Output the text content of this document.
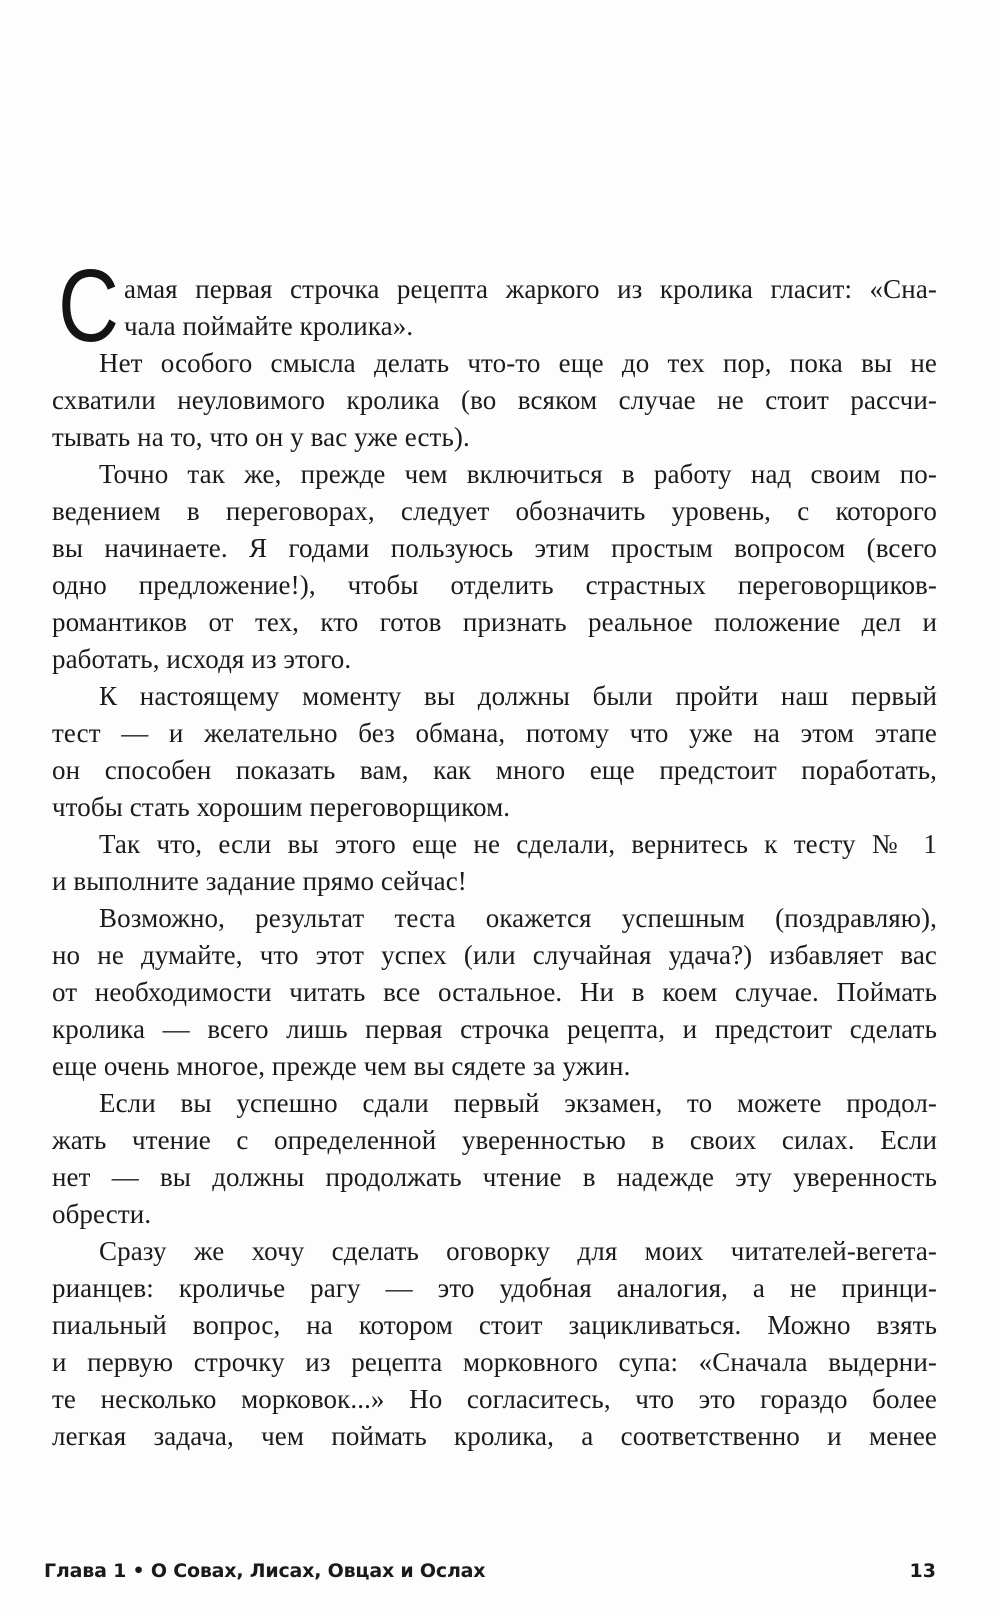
С амая первая строчка рецепта жаркого из кролика гласит: «Сна-
чала поймайте кролика».
Нет особого смысла делать что-то еще до тех пор, пока вы не
схватили неуловимого кролика (во всяком случае не стоит рассчи-
тывать на то, что он у вас уже есть).
Точно так же, прежде чем включиться в работу над своим по-
ведением в переговорах, следует обозначить уровень, с которого
вы начинаете. Я годами пользуюсь этим простым вопросом (всего
одно предложение!), чтобы отделить страстных переговорщиков-
романтиков от тех, кто готов признать реальное положение дел и
работать, исходя из этого.
К настоящему моменту вы должны были пройти наш первый
тест — и желательно без обмана, потому что уже на этом этапе
он способен показать вам, как много еще предстоит поработать,
чтобы стать хорошим переговорщиком.
Так что, если вы этого еще не сделали, вернитесь к тесту № 1
и выполните задание прямо сейчас!
Возможно, результат теста окажется успешным (поздравляю),
но не думайте, что этот успех (или случайная удача?) избавляет вас
от необходимости читать все остальное. Ни в коем случае. Поймать
кролика — всего лишь первая строчка рецепта, и предстоит сделать
еще очень многое, прежде чем вы сядете за ужин.
Если вы успешно сдали первый экзамен, то можете продол-
жать чтение с определенной уверенностью в своих силах. Если
нет — вы должны продолжать чтение в надежде эту уверенность
обрести.
Сразу же хочу сделать оговорку для моих читателей-вегета-
рианцев: кроличье рагу — это удобная аналогия, а не принци-
пиальный вопрос, на котором стоит зацикливаться. Можно взять
и первую строчку из рецепта морковного супа: «Сначала выдерни-
те несколько морковок...» Но согласитесь, что это гораздо более
легкая задача, чем поймать кролика, а соответственно и менее
Глава 1 • О Совах, Лисах, Овцах и Ослах	13
